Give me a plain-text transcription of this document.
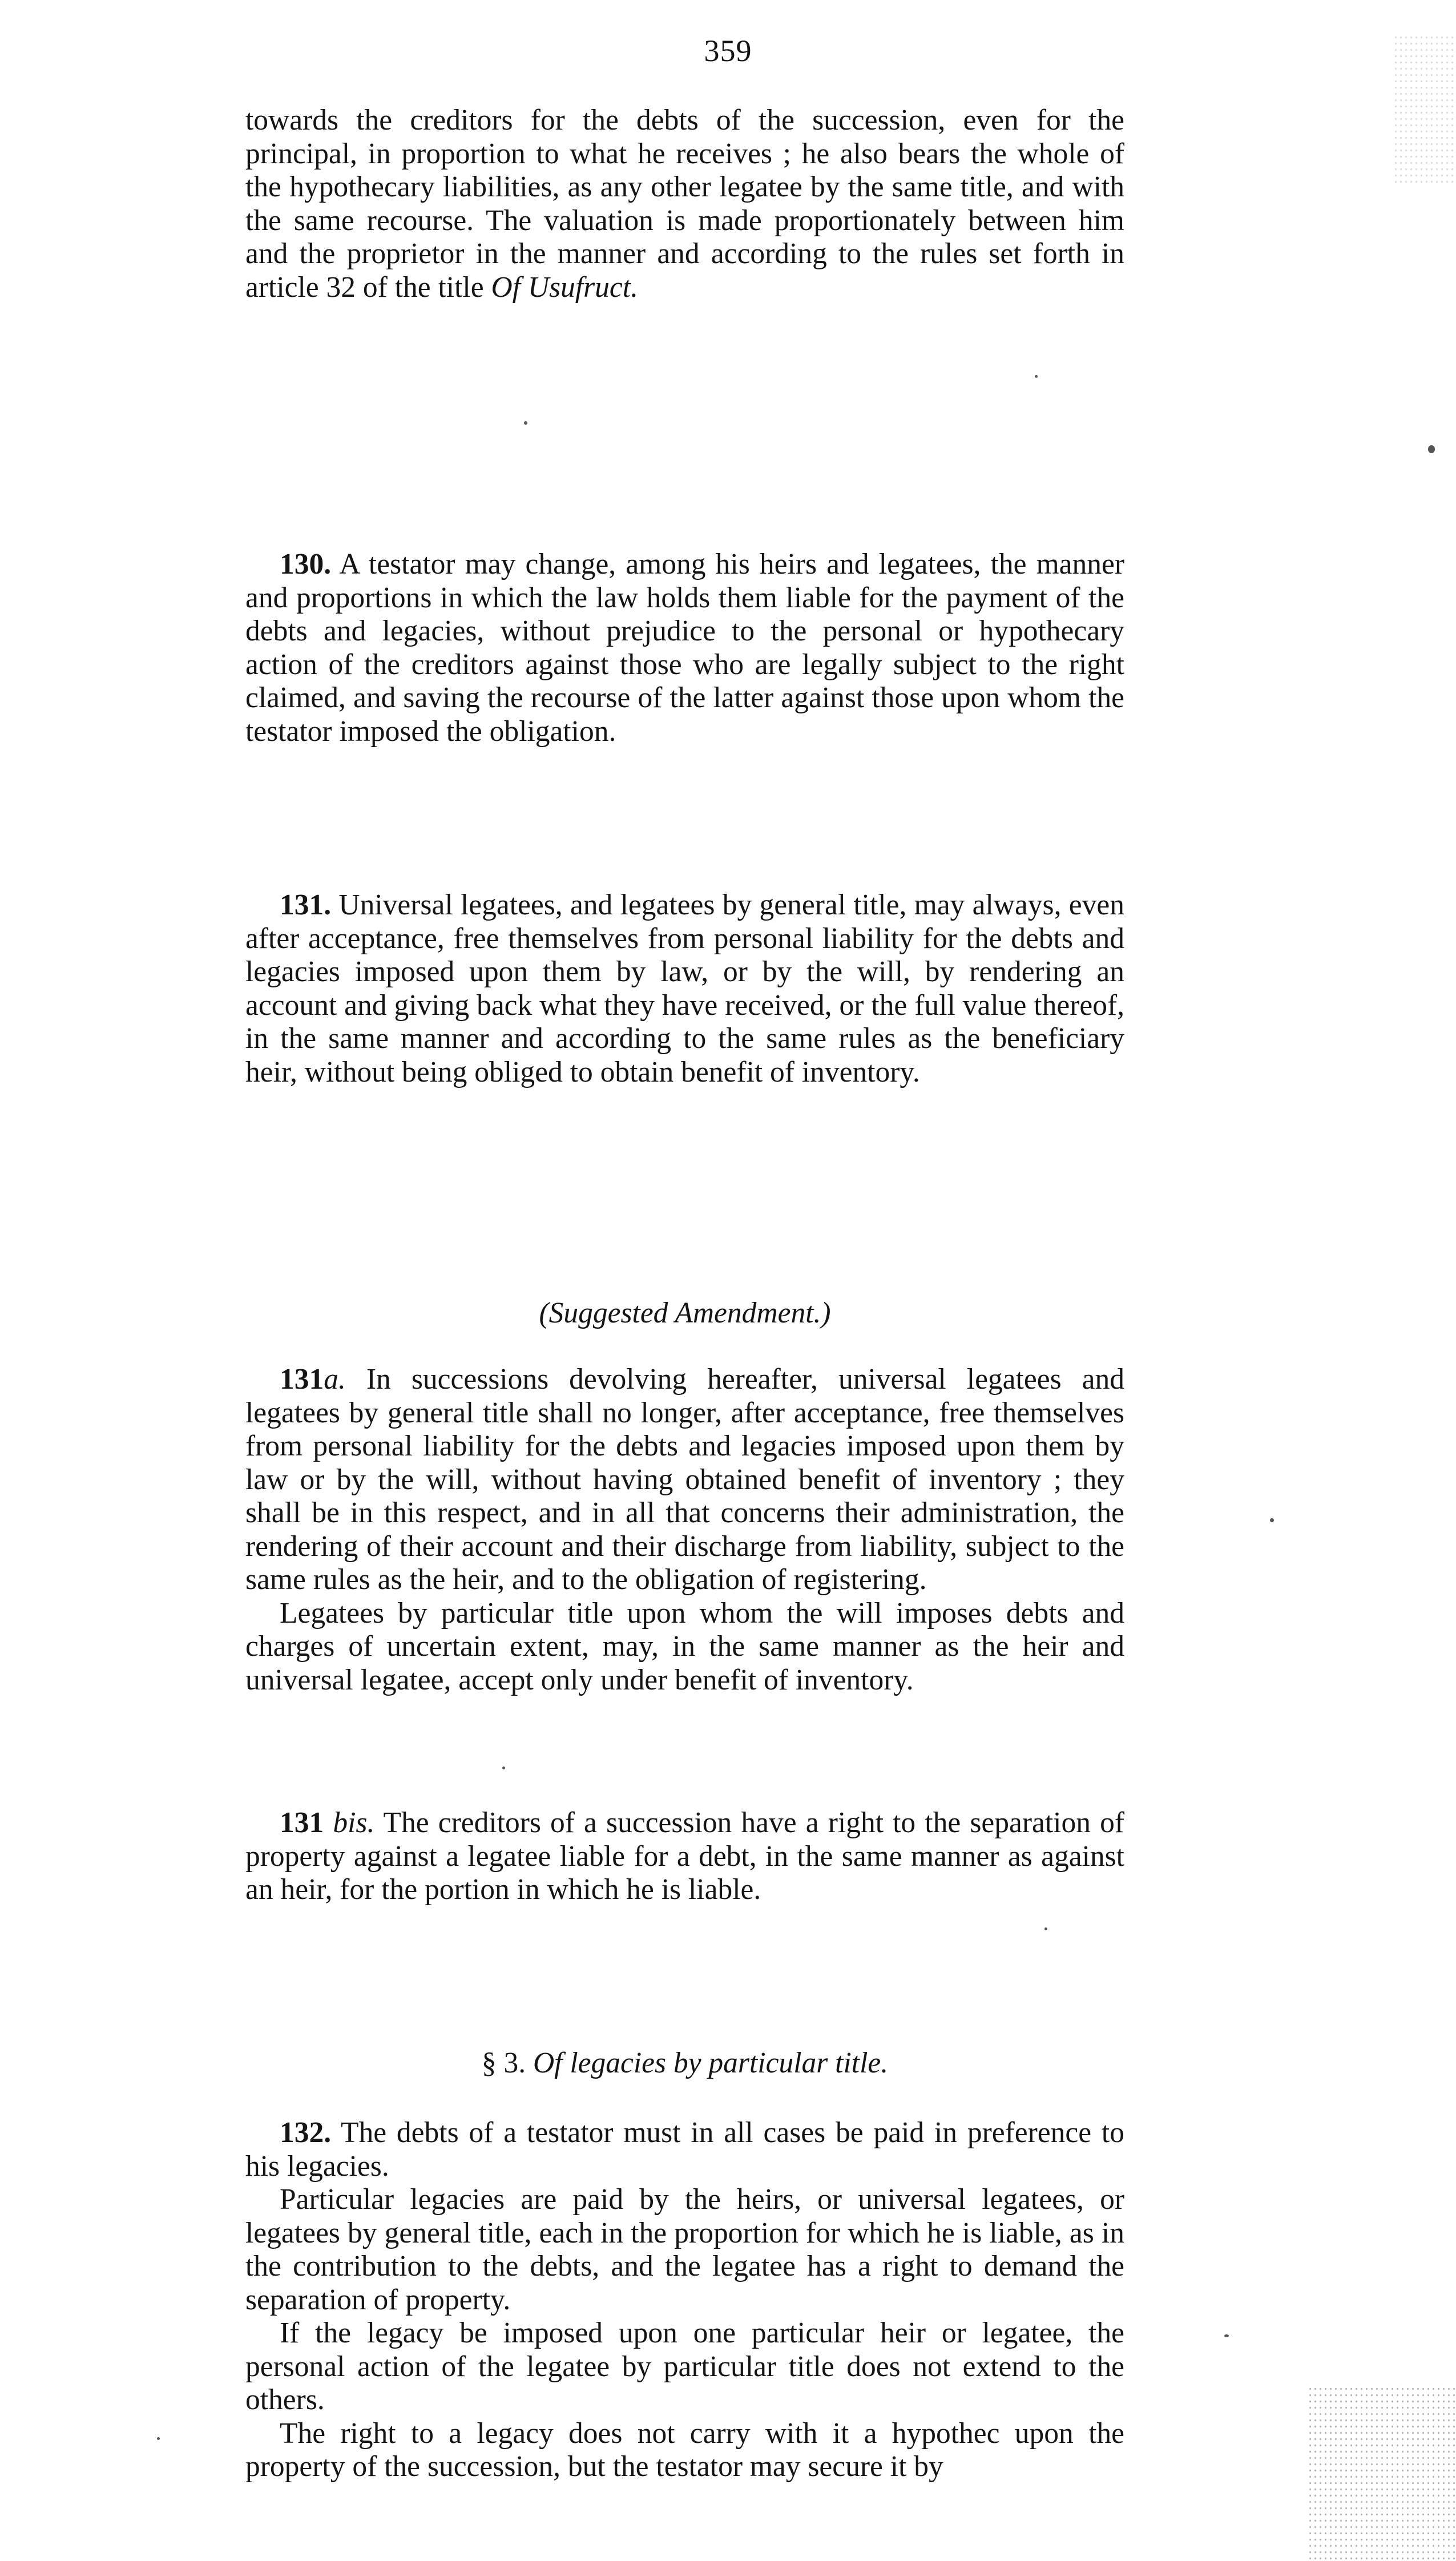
359

towards the creditors for the debts of the succession, even for the principal, in proportion to what he receives ; he also bears the whole of the hypothecary liabilities, as any other legatee by the same title, and with the same recourse. The valuation is made proportionately between him and the proprietor in the manner and according to the rules set forth in article 32 of the title Of Usufruct.

130. A testator may change, among his heirs and legatees, the manner and proportions in which the law holds them liable for the payment of the debts and legacies, without prejudice to the personal or hypothecary action of the creditors against those who are legally subject to the right claimed, and saving the recourse of the latter against those upon whom the testator imposed the obligation.

131. Universal legatees, and legatees by general title, may always, even after acceptance, free themselves from personal liability for the debts and legacies imposed upon them by law, or by the will, by rendering an account and giving back what they have received, or the full value thereof, in the same manner and according to the same rules as the beneficiary heir, without being obliged to obtain benefit of inventory.

(Suggested Amendment.)

131a. In successions devolving hereafter, universal legatees and legatees by general title shall no longer, after acceptance, free themselves from personal liability for the debts and legacies imposed upon them by law or by the will, without having obtained benefit of inventory ; they shall be in this respect, and in all that concerns their administration, the rendering of their account and their discharge from liability, subject to the same rules as the heir, and to the obligation of registering.

Legatees by particular title upon whom the will imposes debts and charges of uncertain extent, may, in the same manner as the heir and universal legatee, accept only under benefit of inventory.

131 bis. The creditors of a succession have a right to the separation of property against a legatee liable for a debt, in the same manner as against an heir, for the portion in which he is liable.

§ 3. Of legacies by particular title.

132. The debts of a testator must in all cases be paid in preference to his legacies.

Particular legacies are paid by the heirs, or universal legatees, or legatees by general title, each in the proportion for which he is liable, as in the contribution to the debts, and the legatee has a right to demand the separation of property.

If the legacy be imposed upon one particular heir or legatee, the personal action of the legatee by particular title does not extend to the others.

The right to a legacy does not carry with it a hypothec upon the property of the succession, but the testator may secure it by
